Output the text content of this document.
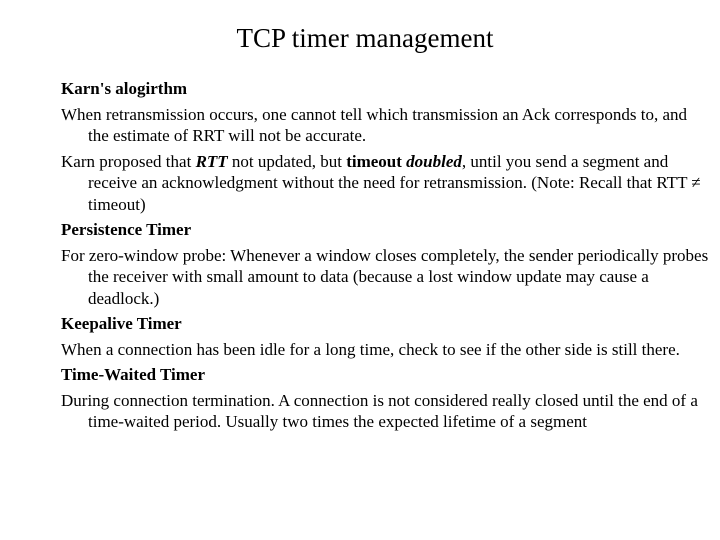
TCP timer management

Karn's alogirthm

When retransmission occurs, one cannot tell which transmission an Ack corresponds to, and the estimate of RRT will not be accurate.

Karn proposed that RTT not updated, but timeout doubled, until you send a segment and receive an acknowledgment without the need for retransmission. (Note: Recall that RTT ≠ timeout)

Persistence Timer

For zero-window probe: Whenever a window closes completely, the sender periodically probes the receiver with small amount to data (because a lost window update may cause a deadlock.)

Keepalive Timer

When a connection has been idle for a long time, check to see if the other side is still there.

Time-Waited Timer

During connection termination. A connection is not considered really closed until the end of a time-waited period. Usually two times the expected lifetime of a segment
